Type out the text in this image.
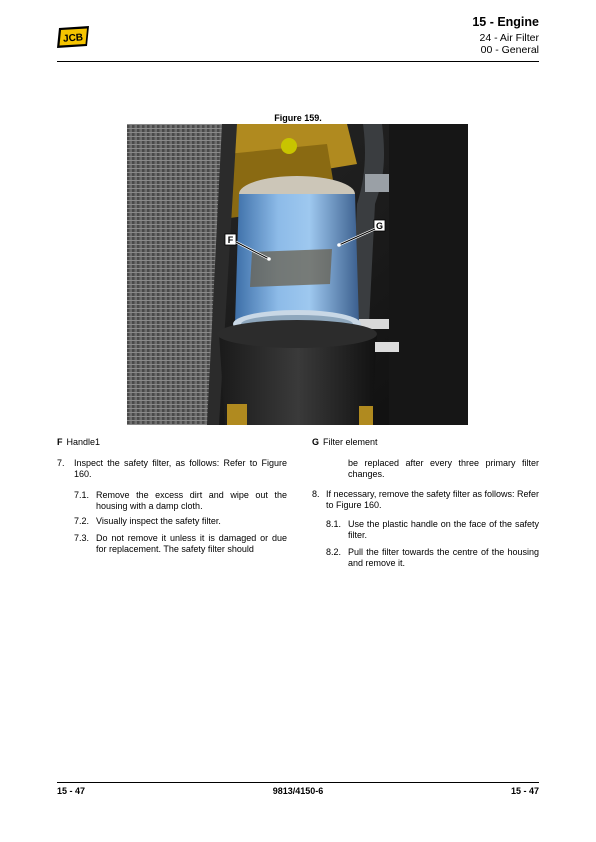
JCB
15 - Engine
24 - Air Filter
00 - General
Figure 159.
F
G
F Handle1	G Filter element
7.	Inspect the safety filter, as follows: Refer to Figure 160.
7.1. Remove the excess dirt and wipe out the housing with a damp cloth.
7.2. Visually inspect the safety filter.
7.3. Do not remove it unless it is damaged or due for replacement. The safety filter should
be replaced after every three primary filter changes.
8. If necessary, remove the safety filter as follows: Refer to Figure 160.
8.1. Use the plastic handle on the face of the safety filter.
8.2. Pull the filter towards the centre of the housing and remove it.
15 - 47	9813/4150-6	15 - 47
